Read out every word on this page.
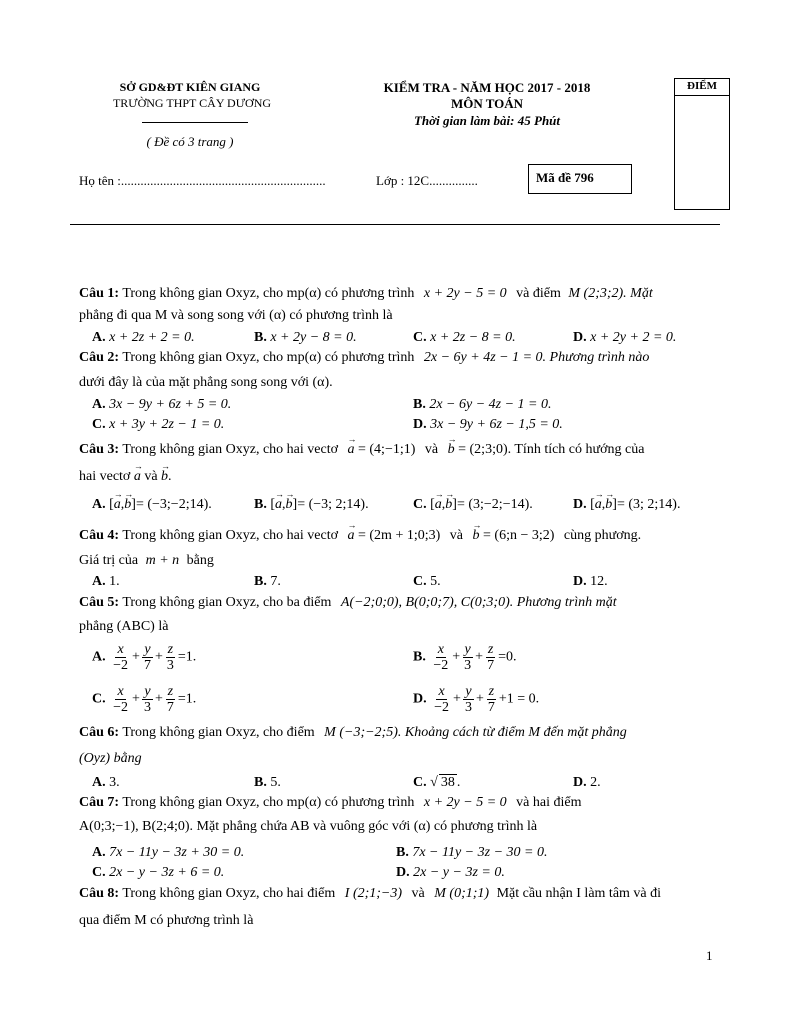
SỞ GD&ĐT KIÊN GIANG
TRƯỜNG THPT CÂY DƯƠNG
( Đề có 3 trang )
KIỂM TRA - NĂM HỌC 2017 - 2018
MÔN TOÁN
Thời gian làm bài: 45 Phút
ĐIỂM
Họ tên :...............................................................	Lớp : 12C...............	Mã đề 796
Câu 1: Trong không gian Oxyz, cho mp(α) có phương trình x + 2y − 5 = 0 và điểm M (2;3;2). Mặt
phẳng đi qua M và song song với (α) có phương trình là
A. x + 2z + 2 = 0.	B. x + 2y − 8 = 0.	C. x + 2z − 8 = 0.	D. x + 2y + 2 = 0.
Câu 2: Trong không gian Oxyz, cho mp(α) có phương trình 2x − 6y + 4z − 1 = 0. Phương trình nào
dưới đây là của mặt phẳng song song với (α).
A. 3x − 9y + 6z + 5 = 0.	B. 2x − 6y − 4z − 1 = 0.
C. x + 3y + 2z − 1 = 0.	D. 3x − 9y + 6z − 1,5 = 0.
Câu 3: Trong không gian Oxyz, cho hai vectơ → a = (4;−1;1) và → b = (2;3;0). Tính tích có hướng của
hai vectơ → a và → b.
A. [→ a,→ b]= (−3;−2;14).	B. [→ a,→ b]= (−3; 2;14).	C. [→ a,→ b]= (3;−2;−14).	D. [→ a,→ b]= (3; 2;14).
Câu 4: Trong không gian Oxyz, cho hai vectơ → a = (2m + 1;0;3) và → b = (6;n − 3;2) cùng phương.
Giá trị của m + n bằng
A. 1.	B. 7.	C. 5.	D. 12.
Câu 5: Trong không gian Oxyz, cho ba điểm A(−2;0;0), B(0;0;7), C(0;3;0). Phương trình mặt
phẳng (ABC) là
A. $\frac{x}{-2} + \frac{y}{7} + \frac{z}{3} =1$.	B. $\frac{x}{-2} + \frac{y}{3} + \frac{z}{7} =0$.
C. $\frac{x}{-2} + \frac{y}{3} + \frac{z}{7} =1$.	D. $\frac{x}{-2} + \frac{y}{3} + \frac{z}{7} +1 = 0$.
Câu 6: Trong không gian Oxyz, cho điểm M (−3;−2;5). Khoảng cách từ điểm M đến mặt phẳng
(Oyz) bằng
A. 3.	B. 5.	C. √ 38 .	D. 2.
Câu 7: Trong không gian Oxyz, cho mp(α) có phương trình x + 2y − 5 = 0 và hai điểm
A(0;3;−1), B(2;4;0). Mặt phẳng chứa AB và vuông góc với (α) có phương trình là
A. 7x − 11y − 3z + 30 = 0.	B. 7x − 11y − 3z − 30 = 0.
C. 2x − y − 3z + 6 = 0.	D. 2x − y − 3z = 0.
Câu 8: Trong không gian Oxyz, cho hai điểm I (2;1;−3) và M (0;1;1) Mặt cầu nhận I làm tâm và đi
qua điểm M có phương trình là
1
